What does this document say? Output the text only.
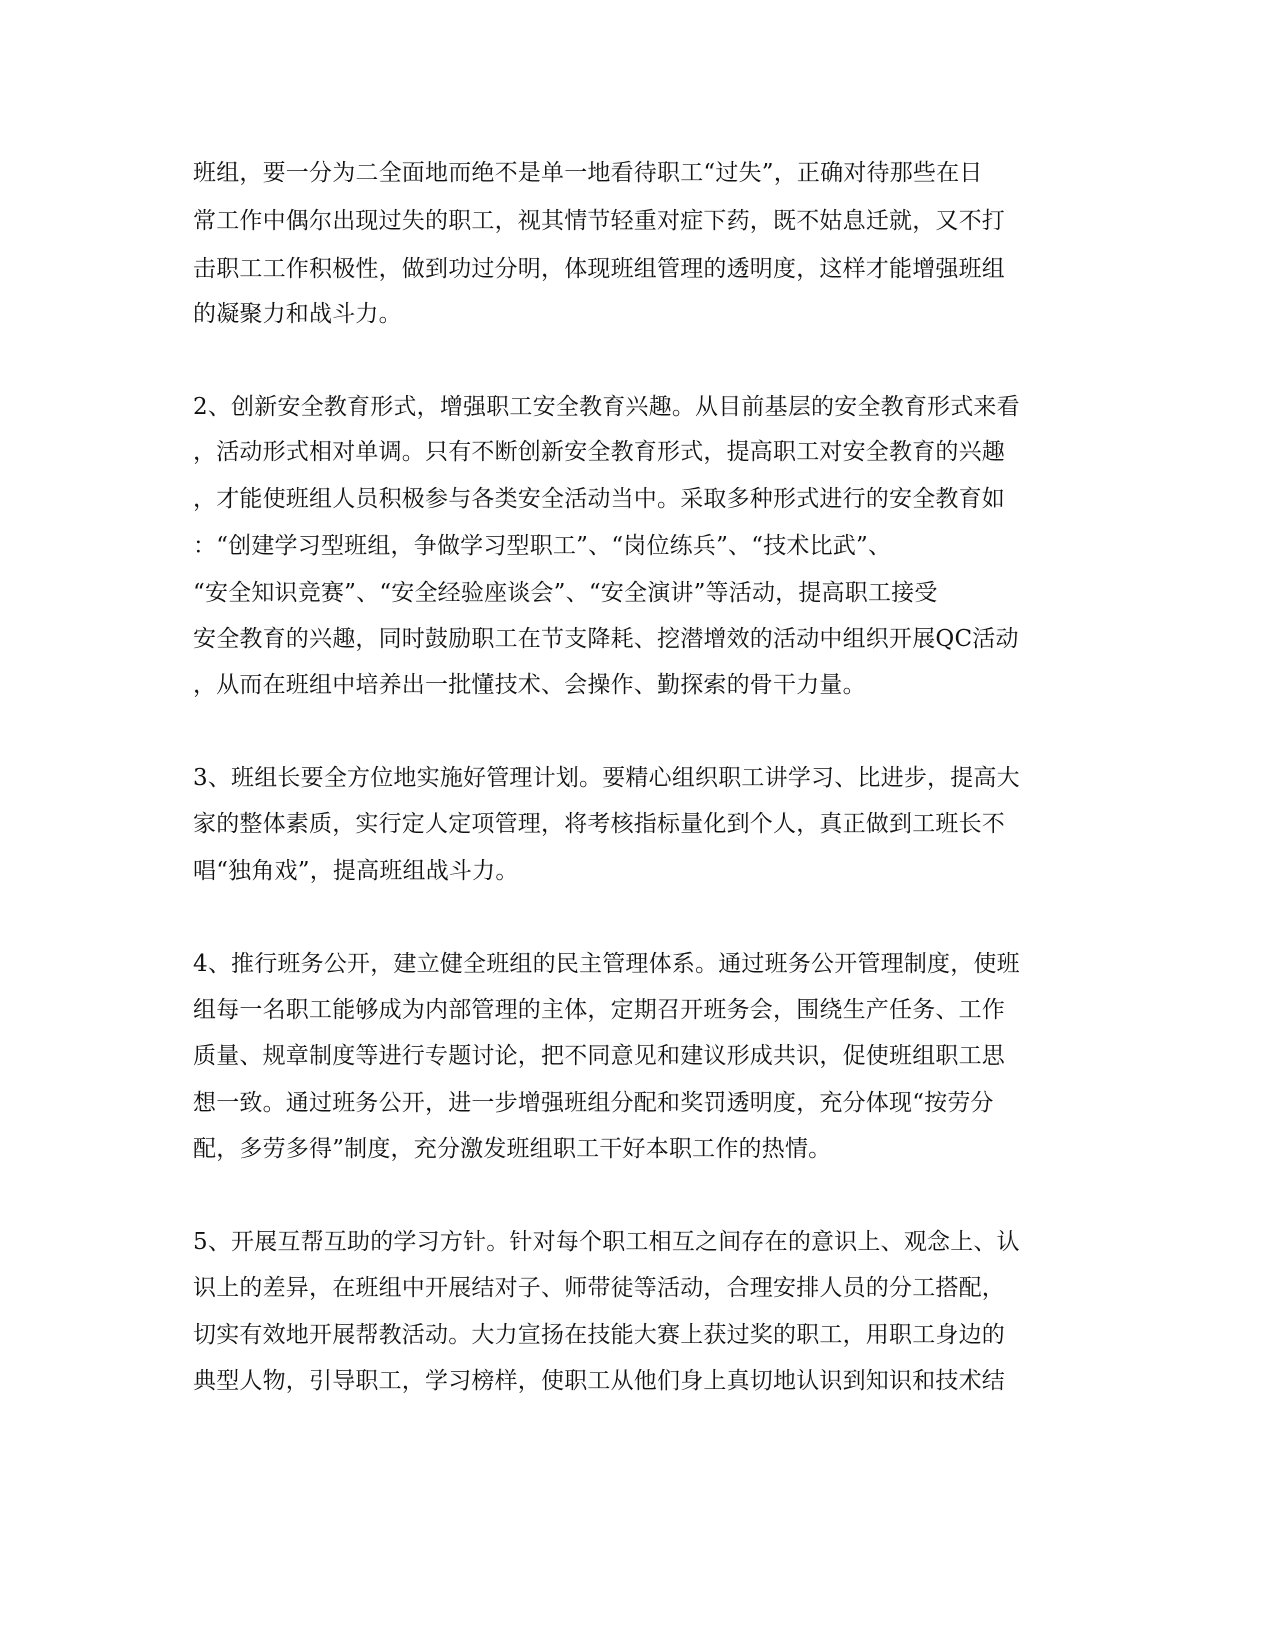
班组，要一分为二全面地而绝不是单一地看待职工“过失”，正确对待那些在日

常工作中偶尔出现过失的职工，视其情节轻重对症下药，既不姑息迁就，又不打

击职工工作积极性，做到功过分明，体现班组管理的透明度，这样才能增强班组

的凝聚力和战斗力。

2、创新安全教育形式，增强职工安全教育兴趣。从目前基层的安全教育形式来看

，活动形式相对单调。只有不断创新安全教育形式，提高职工对安全教育的兴趣

，才能使班组人员积极参与各类安全活动当中。采取多种形式进行的安全教育如

：“创建学习型班组，争做学习型职工”、“岗位练兵”、“技术比武”、

“安全知识竞赛”、“安全经验座谈会”、“安全演讲”等活动，提高职工接受

安全教育的兴趣，同时鼓励职工在节支降耗、挖潜增效的活动中组织开展QC活动

，从而在班组中培养出一批懂技术、会操作、勤探索的骨干力量。

3、班组长要全方位地实施好管理计划。要精心组织职工讲学习、比进步，提高大

家的整体素质，实行定人定项管理，将考核指标量化到个人，真正做到工班长不

唱“独角戏”，提高班组战斗力。

4、推行班务公开，建立健全班组的民主管理体系。通过班务公开管理制度，使班

组每一名职工能够成为内部管理的主体，定期召开班务会，围绕生产任务、工作

质量、规章制度等进行专题讨论，把不同意见和建议形成共识，促使班组职工思

想一致。通过班务公开，进一步增强班组分配和奖罚透明度，充分体现“按劳分

配，多劳多得”制度，充分激发班组职工干好本职工作的热情。

5、开展互帮互助的学习方针。针对每个职工相互之间存在的意识上、观念上、认

识上的差异，在班组中开展结对子、师带徒等活动，合理安排人员的分工搭配，

切实有效地开展帮教活动。大力宣扬在技能大赛上获过奖的职工，用职工身边的

典型人物，引导职工，学习榜样，使职工从他们身上真切地认识到知识和技术结
